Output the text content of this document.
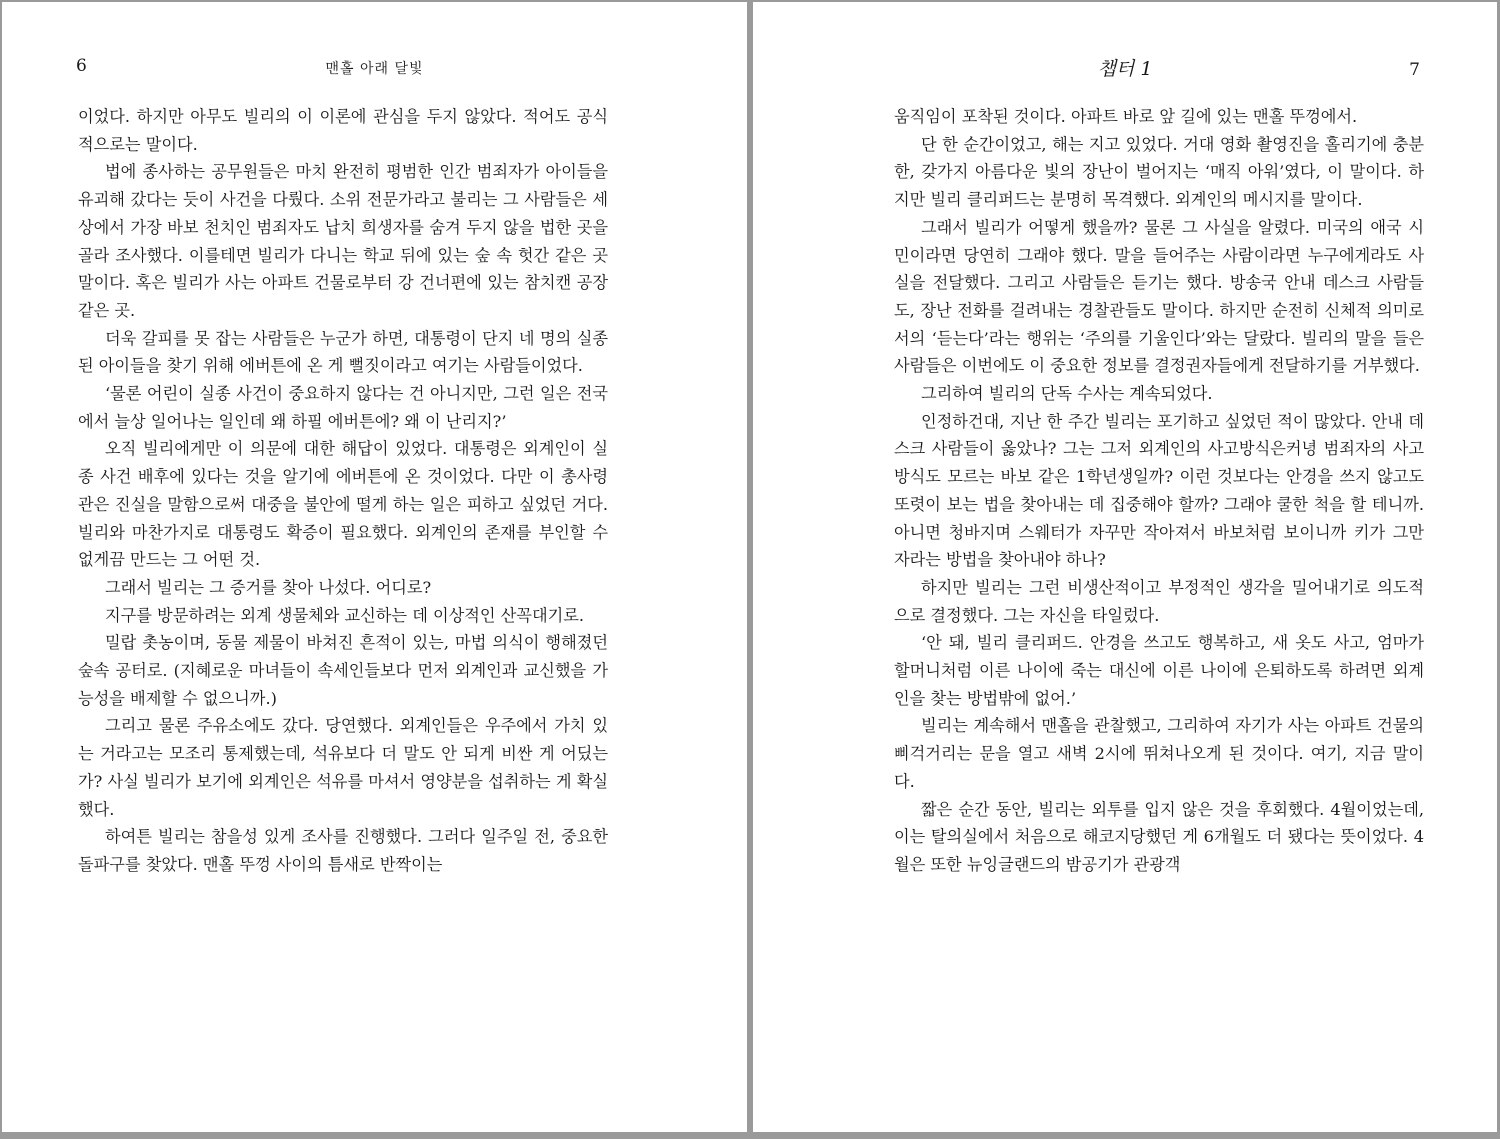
6	맨홀 아래 달빛

이었다. 하지만 아무도 빌리의 이 이론에 관심을 두지 않았다. 적어도 공식적으로는 말이다.

법에 종사하는 공무원들은 마치 완전히 평범한 인간 범죄자가 아이들을 유괴해 갔다는 듯이 사건을 다뤘다. 소위 전문가라고 불리는 그 사람들은 세상에서 가장 바보 천치인 범죄자도 납치 희생자를 숨겨 두지 않을 법한 곳을 골라 조사했다. 이를테면 빌리가 다니는 학교 뒤에 있는 숲 속 헛간 같은 곳 말이다. 혹은 빌리가 사는 아파트 건물로부터 강 건너편에 있는 참치캔 공장 같은 곳.

더욱 갈피를 못 잡는 사람들은 누군가 하면, 대통령이 단지 네 명의 실종된 아이들을 찾기 위해 에버튼에 온 게 뻘짓이라고 여기는 사람들이었다.

‘물론 어린이 실종 사건이 중요하지 않다는 건 아니지만, 그런 일은 전국에서 늘상 일어나는 일인데 왜 하필 에버튼에? 왜 이 난리지?’

오직 빌리에게만 이 의문에 대한 해답이 있었다. 대통령은 외계인이 실종 사건 배후에 있다는 것을 알기에 에버튼에 온 것이었다. 다만 이 총사령관은 진실을 말함으로써 대중을 불안에 떨게 하는 일은 피하고 싶었던 거다. 빌리와 마찬가지로 대통령도 확증이 필요했다. 외계인의 존재를 부인할 수 없게끔 만드는 그 어떤 것.

그래서 빌리는 그 증거를 찾아 나섰다. 어디로?

지구를 방문하려는 외계 생물체와 교신하는 데 이상적인 산꼭대기로.

밀랍 촛농이며, 동물 제물이 바쳐진 흔적이 있는, 마법 의식이 행해졌던 숲속 공터로. (지혜로운 마녀들이 속세인들보다 먼저 외계인과 교신했을 가능성을 배제할 수 없으니까.)

그리고 물론 주유소에도 갔다. 당연했다. 외계인들은 우주에서 가치 있는 거라고는 모조리 통제했는데, 석유보다 더 말도 안 되게 비싼 게 어딨는가? 사실 빌리가 보기에 외계인은 석유를 마셔서 영양분을 섭취하는 게 확실했다.

하여튼 빌리는 참을성 있게 조사를 진행했다. 그러다 일주일 전, 중요한 돌파구를 찾았다. 맨홀 뚜껑 사이의 틈새로 반짝이는

챕터 1	7

움직임이 포착된 것이다. 아파트 바로 앞 길에 있는 맨홀 뚜껑에서.

단 한 순간이었고, 해는 지고 있었다. 거대 영화 촬영진을 홀리기에 충분한, 갖가지 아름다운 빛의 장난이 벌어지는 ‘매직 아워’였다, 이 말이다. 하지만 빌리 클리퍼드는 분명히 목격했다. 외계인의 메시지를 말이다.

그래서 빌리가 어떻게 했을까? 물론 그 사실을 알렸다. 미국의 애국 시민이라면 당연히 그래야 했다. 말을 들어주는 사람이라면 누구에게라도 사실을 전달했다. 그리고 사람들은 듣기는 했다. 방송국 안내 데스크 사람들도, 장난 전화를 걸려내는 경찰관들도 말이다. 하지만 순전히 신체적 의미로서의 ‘듣는다’라는 행위는 ‘주의를 기울인다’와는 달랐다. 빌리의 말을 들은 사람들은 이번에도 이 중요한 정보를 결정권자들에게 전달하기를 거부했다.

그리하여 빌리의 단독 수사는 계속되었다.

인정하건대, 지난 한 주간 빌리는 포기하고 싶었던 적이 많았다. 안내 데스크 사람들이 옳았나? 그는 그저 외계인의 사고방식은커녕 범죄자의 사고방식도 모르는 바보 같은 1학년생일까? 이런 것보다는 안경을 쓰지 않고도 또렷이 보는 법을 찾아내는 데 집중해야 할까? 그래야 쿨한 척을 할 테니까. 아니면 청바지며 스웨터가 자꾸만 작아져서 바보처럼 보이니까 키가 그만 자라는 방법을 찾아내야 하나?

하지만 빌리는 그런 비생산적이고 부정적인 생각을 밀어내기로 의도적으로 결정했다. 그는 자신을 타일렀다.

‘안 돼, 빌리 클리퍼드. 안경을 쓰고도 행복하고, 새 옷도 사고, 엄마가 할머니처럼 이른 나이에 죽는 대신에 이른 나이에 은퇴하도록 하려면 외계인을 찾는 방법밖에 없어.’

빌리는 계속해서 맨홀을 관찰했고, 그리하여 자기가 사는 아파트 건물의 삐걱거리는 문을 열고 새벽 2시에 뛰쳐나오게 된 것이다. 여기, 지금 말이다.

짧은 순간 동안, 빌리는 외투를 입지 않은 것을 후회했다. 4월이었는데, 이는 탈의실에서 처음으로 해코지당했던 게 6개월도 더 됐다는 뜻이었다. 4월은 또한 뉴잉글랜드의 밤공기가 관광객
